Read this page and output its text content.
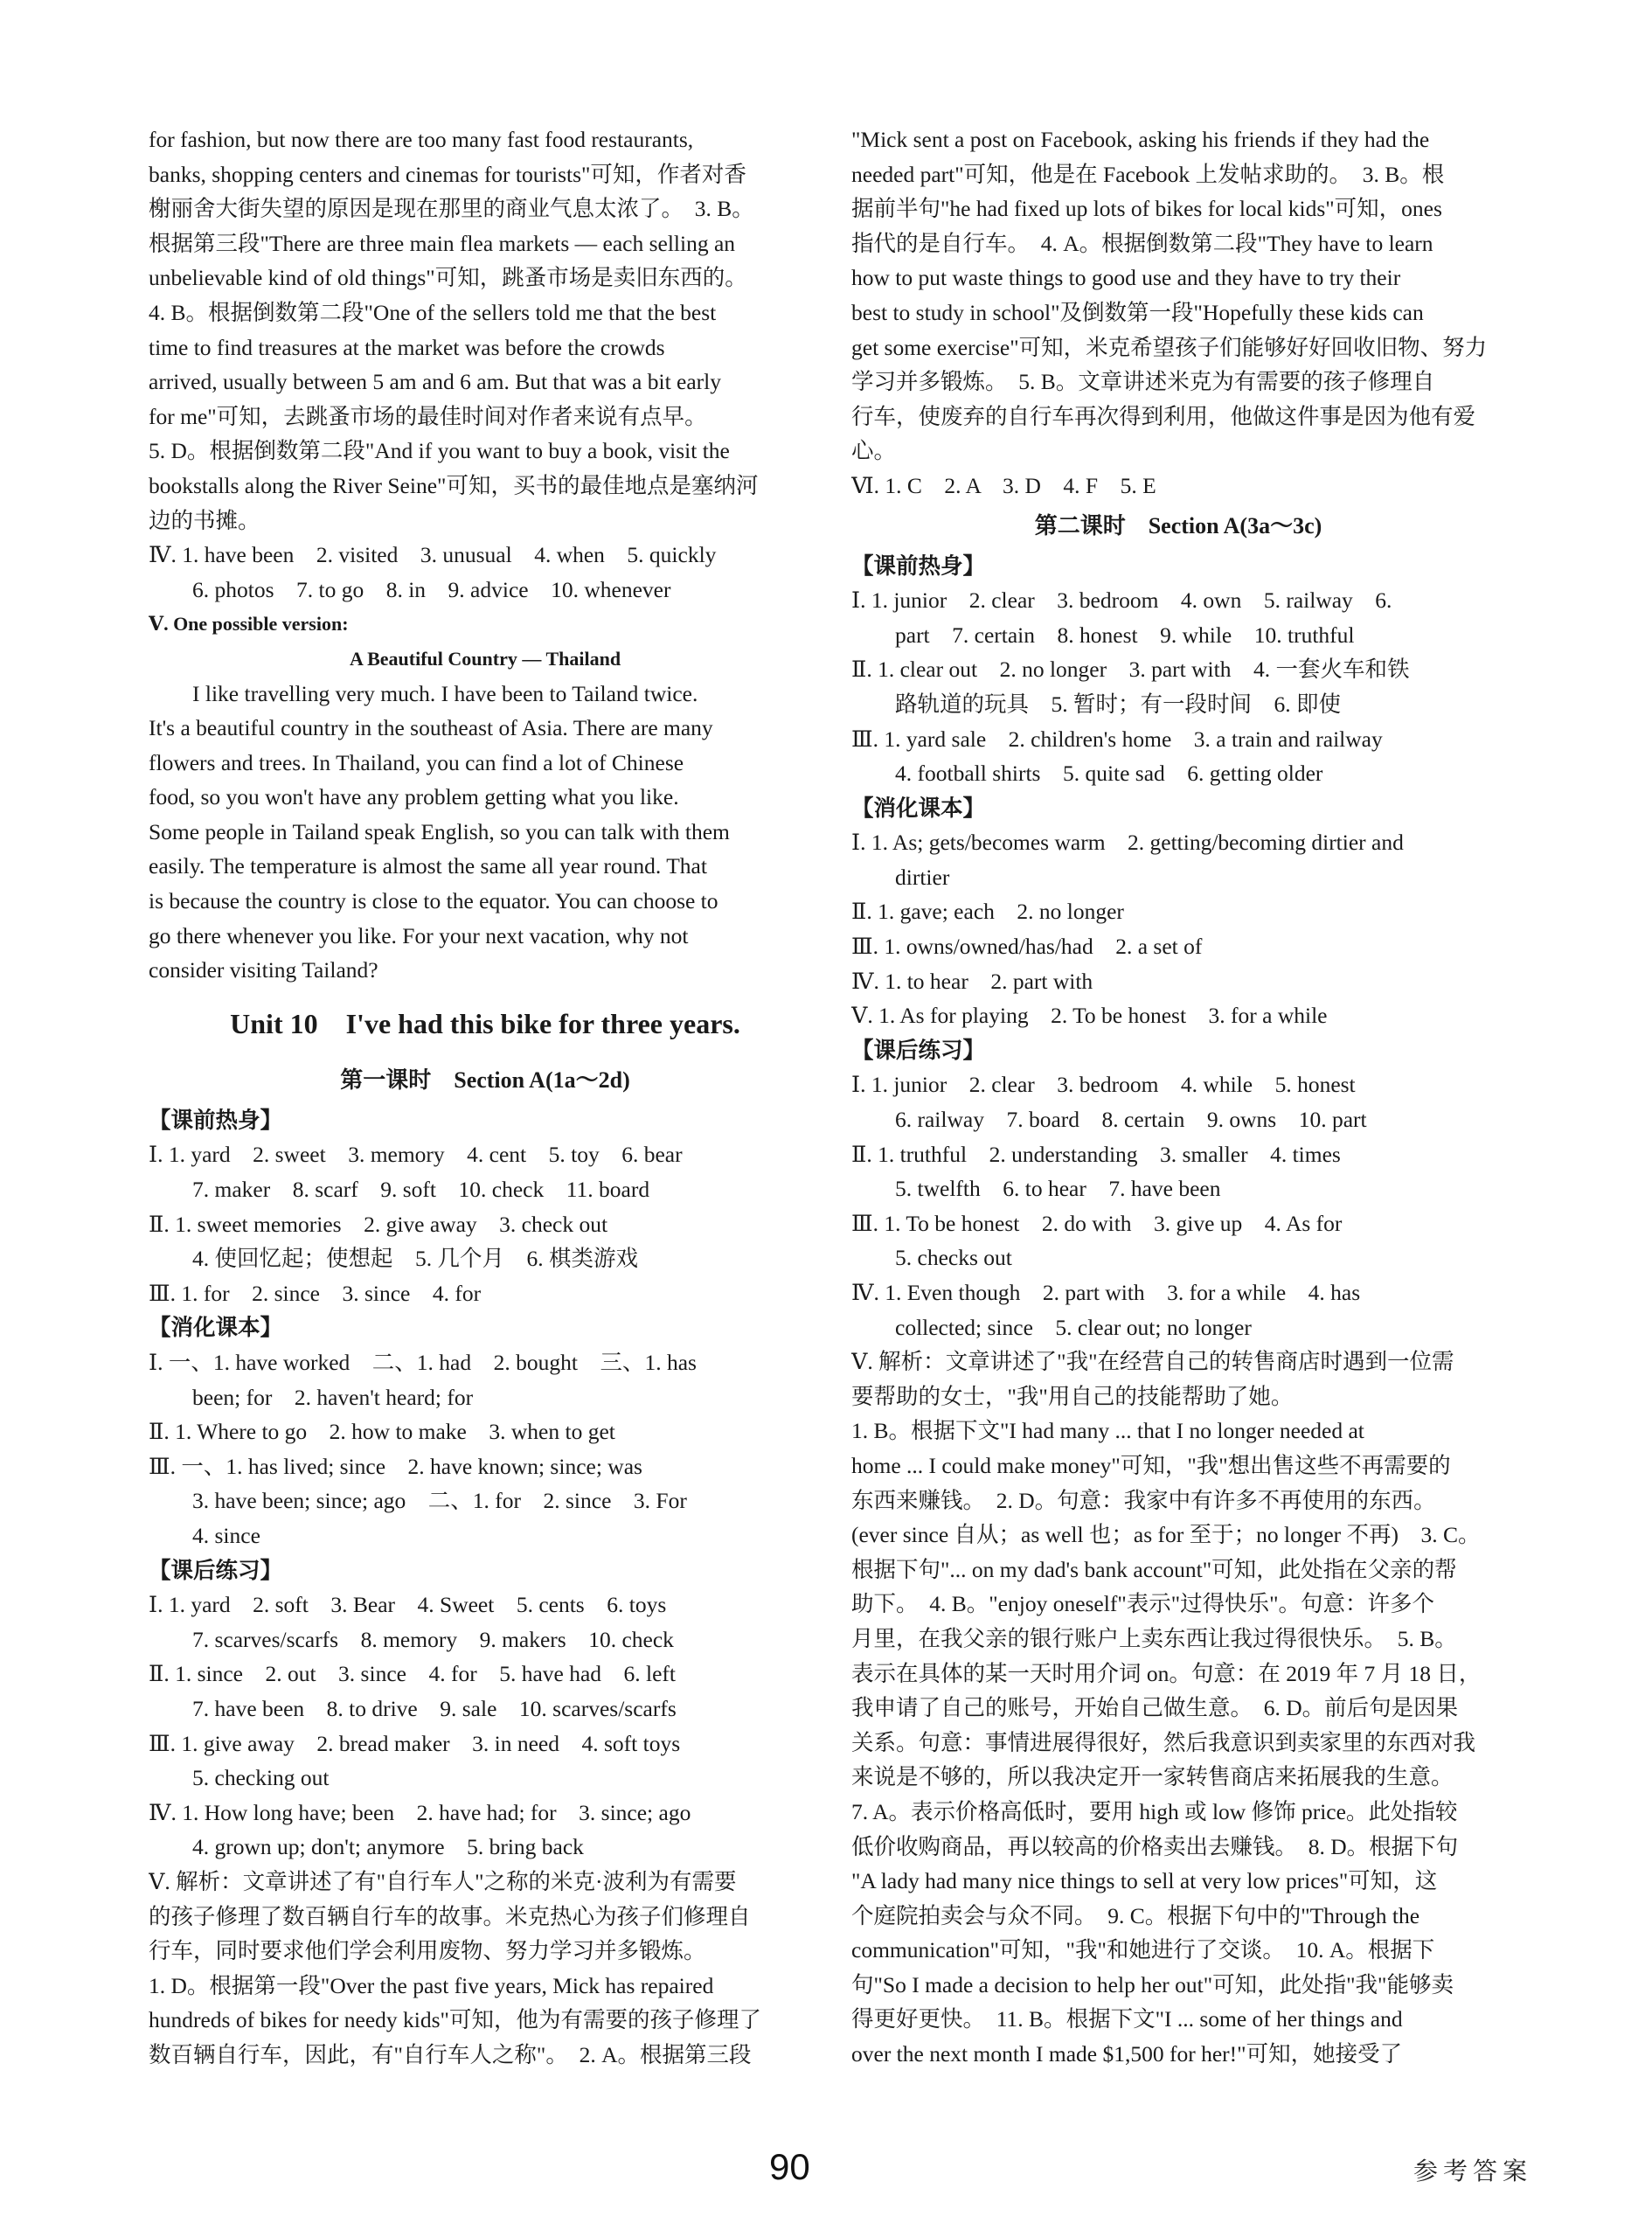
for fashion, but now there are too many fast food restaurants,
banks, shopping centers and cinemas for tourists"可知，作者对香
榭丽舍大街失望的原因是现在那里的商业气息太浓了。　3. B。
根据第三段"There are three main flea markets — each selling an
unbelievable kind of old things"可知，跳蚤市场是卖旧东西的。
4. B。根据倒数第二段"One of the sellers told me that the best
time to find treasures at the market was before the crowds
arrived, usually between 5 am and 6 am. But that was a bit early
for me"可知，去跳蚤市场的最佳时间对作者来说有点早。
5. D。根据倒数第二段"And if you want to buy a book, visit the
bookstalls along the River Seine"可知，买书的最佳地点是塞纳河
边的书摊。
Ⅳ. 1. have been　2. visited　3. unusual　4. when　5. quickly
6. photos　7. to go　8. in　9. advice　10. whenever
Ⅴ. One possible version:
A Beautiful Country — Thailand
I like travelling very much. I have been to Tailand twice.
It's a beautiful country in the southeast of Asia. There are many
flowers and trees. In Thailand, you can find a lot of Chinese
food, so you won't have any problem getting what you like.
Some people in Tailand speak English, so you can talk with them
easily. The temperature is almost the same all year round. That
is because the country is close to the equator. You can choose to
go there whenever you like. For your next vacation, why not
consider visiting Tailand?
Unit 10　I've had this bike for three years.
第一课时　Section A(1a～2d)
【课前热身】
Ⅰ. 1. yard　2. sweet　3. memory　4. cent　5. toy　6. bear
7. maker　8. scarf　9. soft　10. check　11. board
Ⅱ. 1. sweet memories　2. give away　3. check out
4. 使回忆起；使想起　5. 几个月　6. 棋类游戏
Ⅲ. 1. for　2. since　3. since　4. for
【消化课本】
Ⅰ. 一、1. have worked　二、1. had　2. bought　三、1. has
been; for　2. haven't heard; for
Ⅱ. 1. Where to go　2. how to make　3. when to get
Ⅲ. 一、1. has lived; since　2. have known; since; was
3. have been; since; ago　二、1. for　2. since　3. For
4. since
【课后练习】
Ⅰ. 1. yard　2. soft　3. Bear　4. Sweet　5. cents　6. toys
7. scarves/scarfs　8. memory　9. makers　10. check
Ⅱ. 1. since　2. out　3. since　4. for　5. have had　6. left
7. have been　8. to drive　9. sale　10. scarves/scarfs
Ⅲ. 1. give away　2. bread maker　3. in need　4. soft toys
5. checking out
Ⅳ. 1. How long have; been　2. have had; for　3. since; ago
4. grown up; don't; anymore　5. bring back
Ⅴ. 解析：文章讲述了有"自行车人"之称的米克·波利为有需要
的孩子修理了数百辆自行车的故事。米克热心为孩子们修理自
行车，同时要求他们学会利用废物、努力学习并多锻炼。
1. D。根据第一段"Over the past five years, Mick has repaired
hundreds of bikes for needy kids"可知，他为有需要的孩子修理了
数百辆自行车，因此，有"自行车人之称"。　2. A。根据第三段
"Mick sent a post on Facebook, asking his friends if they had the
needed part"可知，他是在 Facebook 上发帖求助的。　3. B。根
据前半句"he had fixed up lots of bikes for local kids"可知，ones
指代的是自行车。　4. A。根据倒数第二段"They have to learn
how to put waste things to good use and they have to try their
best to study in school"及倒数第一段"Hopefully these kids can
get some exercise"可知，米克希望孩子们能够好好回收旧物、努力
学习并多锻炼。　5. B。文章讲述米克为有需要的孩子修理自
行车，使废弃的自行车再次得到利用，他做这件事是因为他有爱
心。
Ⅵ. 1. C　2. A　3. D　4. F　5. E
第二课时　Section A(3a～3c)
【课前热身】
Ⅰ. 1. junior　2. clear　3. bedroom　4. own　5. railway　6.
part　7. certain　8. honest　9. while　10. truthful
Ⅱ. 1. clear out　2. no longer　3. part with　4. 一套火车和铁
路轨道的玩具　5. 暂时；有一段时间　6. 即使
Ⅲ. 1. yard sale　2. children's home　3. a train and railway
4. football shirts　5. quite sad　6. getting older
【消化课本】
Ⅰ. 1. As; gets/becomes warm　2. getting/becoming dirtier and
dirtier
Ⅱ. 1. gave; each　2. no longer
Ⅲ. 1. owns/owned/has/had　2. a set of
Ⅳ. 1. to hear　2. part with
Ⅴ. 1. As for playing　2. To be honest　3. for a while
【课后练习】
Ⅰ. 1. junior　2. clear　3. bedroom　4. while　5. honest
6. railway　7. board　8. certain　9. owns　10. part
Ⅱ. 1. truthful　2. understanding　3. smaller　4. times
5. twelfth　6. to hear　7. have been
Ⅲ. 1. To be honest　2. do with　3. give up　4. As for
5. checks out
Ⅳ. 1. Even though　2. part with　3. for a while　4. has
collected; since　5. clear out; no longer
Ⅴ. 解析：文章讲述了"我"在经营自己的转售商店时遇到一位需
要帮助的女士，"我"用自己的技能帮助了她。
1. B。根据下文"I had many ... that I no longer needed at
home ... I could make money"可知，"我"想出售这些不再需要的
东西来赚钱。　2. D。句意：我家中有许多不再使用的东西。
(ever since 自从；as well 也；as for 至于；no longer 不再)　3. C。
根据下句"... on my dad's bank account"可知，此处指在父亲的帮
助下。　4. B。"enjoy oneself"表示"过得快乐"。句意：许多个
月里，在我父亲的银行账户上卖东西让我过得很快乐。　5. B。
表示在具体的某一天时用介词 on。句意：在 2019 年 7 月 18 日，
我申请了自己的账号，开始自己做生意。　6. D。前后句是因果
关系。句意：事情进展得很好，然后我意识到卖家里的东西对我
来说是不够的，所以我决定开一家转售商店来拓展我的生意。
7. A。表示价格高低时，要用 high 或 low 修饰 price。此处指较
低价收购商品，再以较高的价格卖出去赚钱。　8. D。根据下句
"A lady had many nice things to sell at very low prices"可知，这
个庭院拍卖会与众不同。　9. C。根据下句中的"Through the
communication"可知，"我"和她进行了交谈。　10. A。根据下
句"So I made a decision to help her out"可知，此处指"我"能够卖
得更好更快。　11. B。根据下文"I ... some of her things and
over the next month I made $1,500 for her!"可知，她接受了
90	参考答案
